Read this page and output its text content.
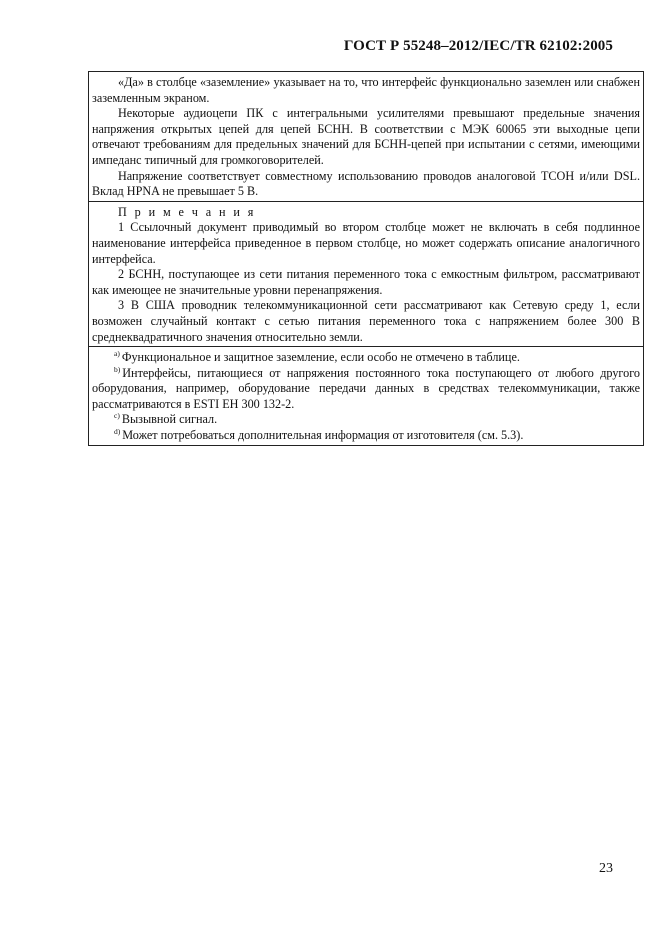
ГОСТ Р 55248–2012/IEC/TR 62102:2005

«Да» в столбце «заземление» указывает на то, что интерфейс функционально заземлен или снабжен заземленным экраном.

Некоторые аудиоцепи ПК с интегральными усилителями превышают предельные значения напряжения открытых цепей для цепей БСНН. В соответствии с МЭК 60065 эти выходные цепи отвечают требованиям для предельных значений для БСНН-цепей при испытании с сетями, имеющими импеданс типичный для громкоговорителей.

Напряжение соответствует совместному использованию проводов аналоговой ТСОН и/или DSL. Вклад HPNA не превышает 5 В.

П р и м е ч а н и я

1 Ссылочный документ приводимый во втором столбце может не включать в себя подлинное наименование интерфейса приведенное в первом столбце, но может содержать описание аналогичного интерфейса.

2 БСНН, поступающее из сети питания переменного тока с емкостным фильтром, рассматривают как имеющее не значительные уровни перенапряжения.

3 В США проводник телекоммуникационной сети рассматривают как Сетевую среду 1, если возможен случайный контакт с сетью питания переменного тока с напряжением более 300 В среднеквадратичного значения относительно земли.

$^{a)}$ Функциональное и защитное заземление, если особо не отмечено в таблице.

$^{b)}$ Интерфейсы, питающиеся от напряжения постоянного тока поступающего от любого другого оборудования, например, оборудование передачи данных в средствах телекоммуникации, также рассматриваются в ESTI EH 300 132-2.

$^{c)}$ Вызывной сигнал.

$^{d)}$ Может потребоваться дополнительная информация от изготовителя (см. 5.3).

23
